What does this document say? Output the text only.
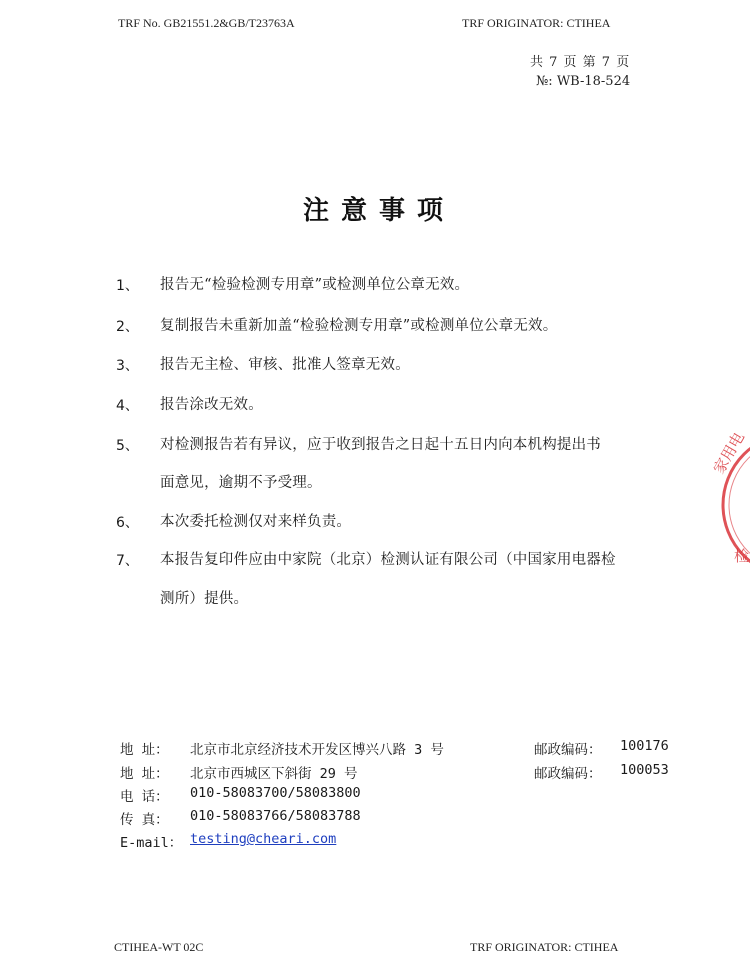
TRF No. GB21551.2&GB/T23763A	TRF ORIGINATOR: CTIHEA
共 7 页 第 7 页
№: WB-18-524
注意事项
1、 报告无“检验检测专用章”或检测单位公章无效。
2、 复制报告未重新加盖“检验检测专用章”或检测单位公章无效。
3、 报告无主检、审核、批准人签章无效。
4、 报告涂改无效。
5、 对检测报告若有异议，应于收到报告之日起十五日内向本机构提出书
面意见，逾期不予受理。
6、 本次委托检测仅对来样负责。
7、 本报告复印件应由中家院（北京）检测认证有限公司（中国家用电器检
测所）提供。
家用电
检
地 址： 北京市北京经济技术开发区博兴八路 3 号	邮政编码： 100176
地 址： 北京市西城区下斜街 29 号	邮政编码： 100053
电 话： 010-58083700/58083800
传 真： 010-58083766/58083788
E-mail： testing@cheari.com
CTIHEA-WT 02C	TRF ORIGINATOR: CTIHEA
